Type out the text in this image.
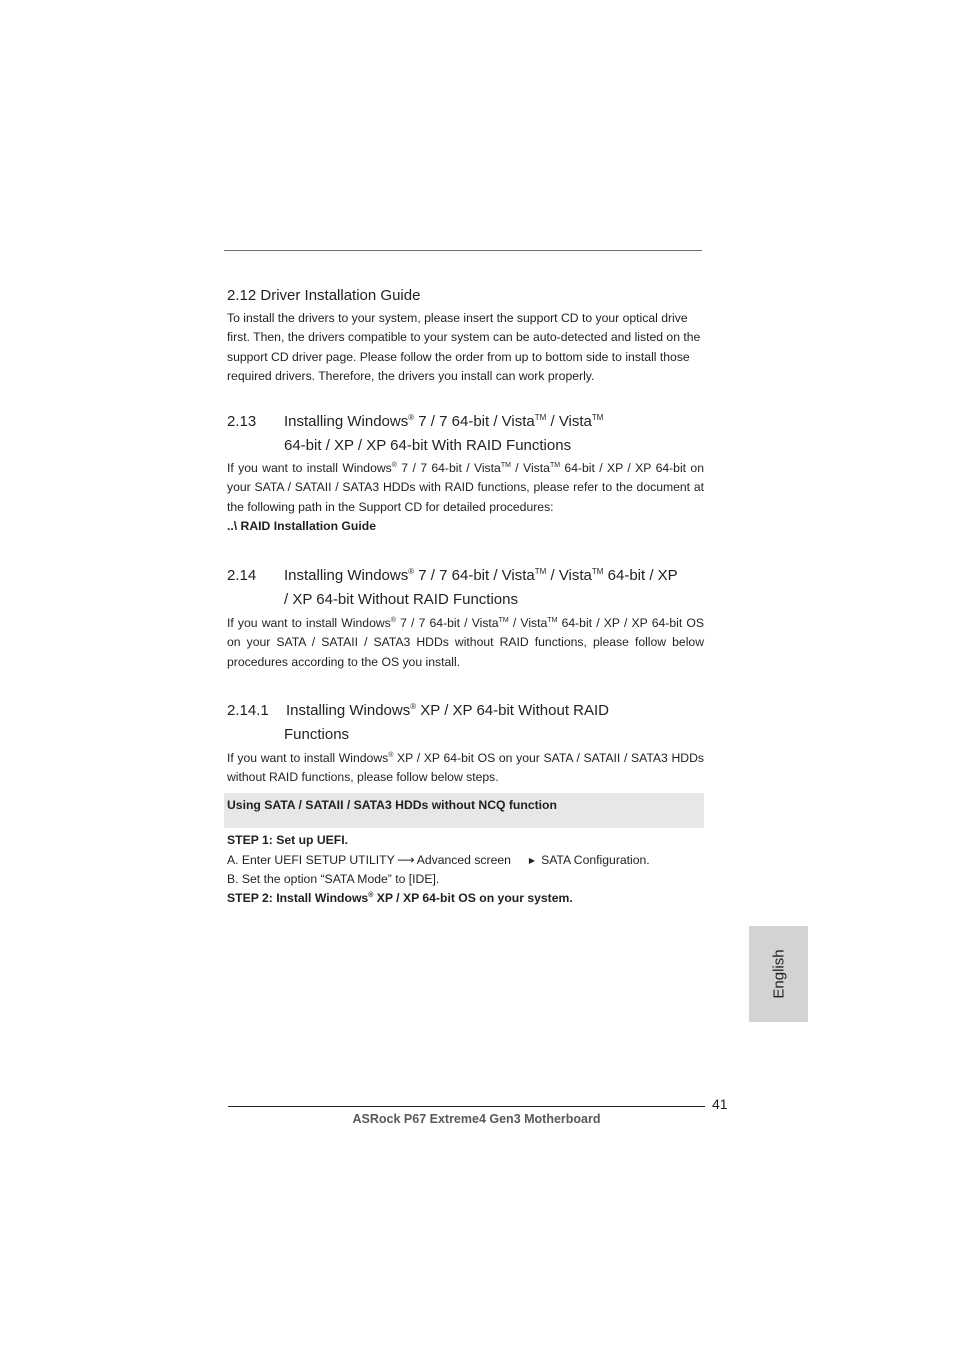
2.12 Driver Installation Guide

To install the drivers to your system, please insert the support CD to your optical drive first. Then, the drivers compatible to your system can be auto-detected and listed on the support CD driver page. Please follow the order from up to bottom side to install those required drivers. Therefore, the drivers you install can work properly.

2.13 Installing Windows® 7 / 7 64-bit / Vista™ / Vista™
64-bit / XP / XP 64-bit With RAID Functions

If you want to install Windows® 7 / 7 64-bit / Vista™ / Vista™ 64-bit / XP / XP 64-bit on your SATA / SATAII / SATA3 HDDs with RAID functions, please refer to the document at the following path in the Support CD for detailed procedures:

..\ RAID Installation Guide

2.14 Installing Windows® 7 / 7 64-bit / Vista™ / Vista™ 64-bit / XP
/ XP 64-bit Without RAID Functions

If you want to install Windows® 7 / 7 64-bit / Vista™ / Vista™ 64-bit / XP / XP 64-bit OS on your SATA / SATAII / SATA3 HDDs without RAID functions, please follow below procedures according to the OS you install.

2.14.1 Installing Windows® XP / XP 64-bit Without RAID
Functions

If you want to install Windows® XP / XP 64-bit OS on your SATA / SATAII / SATA3 HDDs without RAID functions, please follow below steps.

Using SATA / SATAII / SATA3 HDDs without NCQ function

STEP 1: Set up UEFI.

A. Enter UEFI SETUP UTILITY ⟶ Advanced screen ▶ SATA Configuration.

B. Set the option “SATA Mode” to [IDE].

STEP 2: Install Windows® XP / XP 64-bit OS on your system.

English
41
ASRock P67 Extreme4 Gen3 Motherboard
